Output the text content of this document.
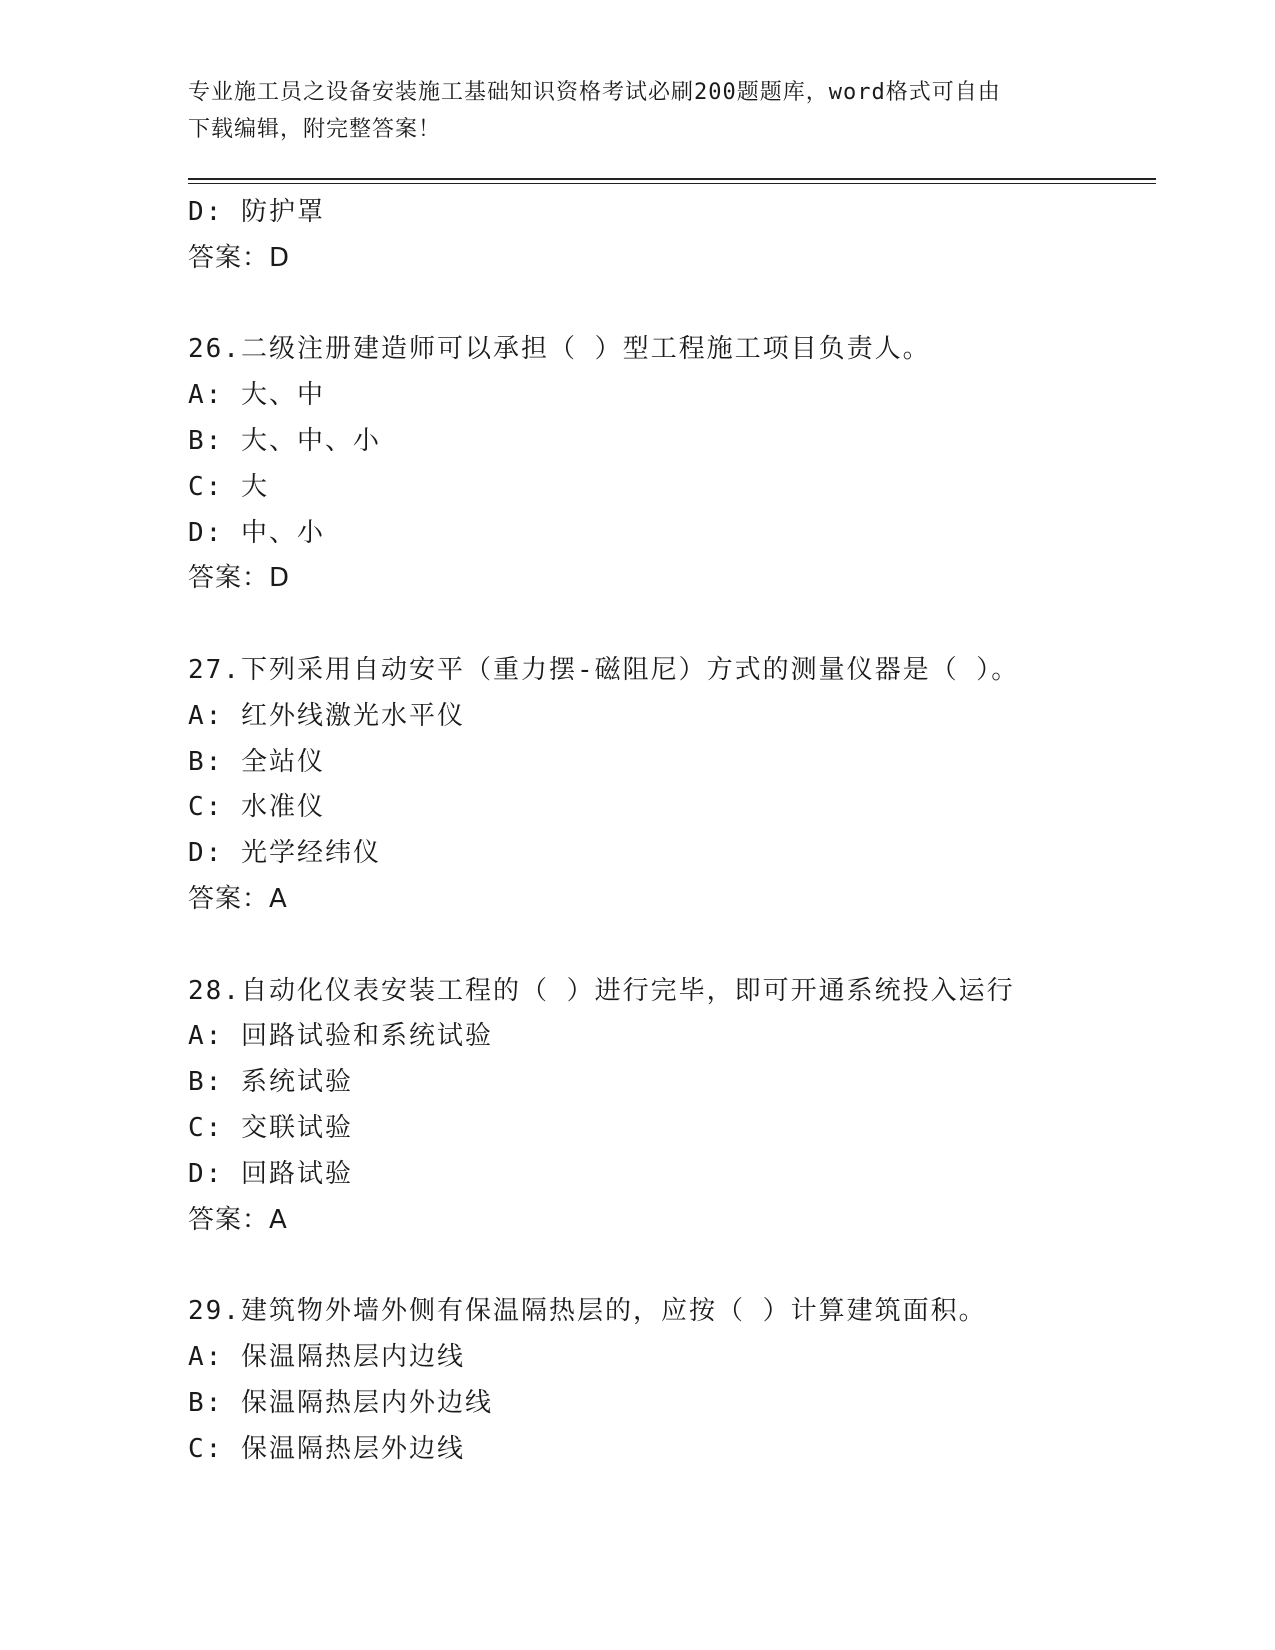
专业施工员之设备安装施工基础知识资格考试必刷200题题库，word格式可自由
下载编辑，附完整答案！
D: 防护罩
答案：D
26.二级注册建造师可以承担（ ）型工程施工项目负责人。
A: 大、中
B: 大、中、小
C: 大
D: 中、小
答案：D
27.下列采用自动安平（重力摆-磁阻尼）方式的测量仪器是（ ）。
A: 红外线激光水平仪
B: 全站仪
C: 水准仪
D: 光学经纬仪
答案：A
28.自动化仪表安装工程的（ ）进行完毕，即可开通系统投入运行
A: 回路试验和系统试验
B: 系统试验
C: 交联试验
D: 回路试验
答案：A
29.建筑物外墙外侧有保温隔热层的，应按（ ）计算建筑面积。
A: 保温隔热层内边线
B: 保温隔热层内外边线
C: 保温隔热层外边线
